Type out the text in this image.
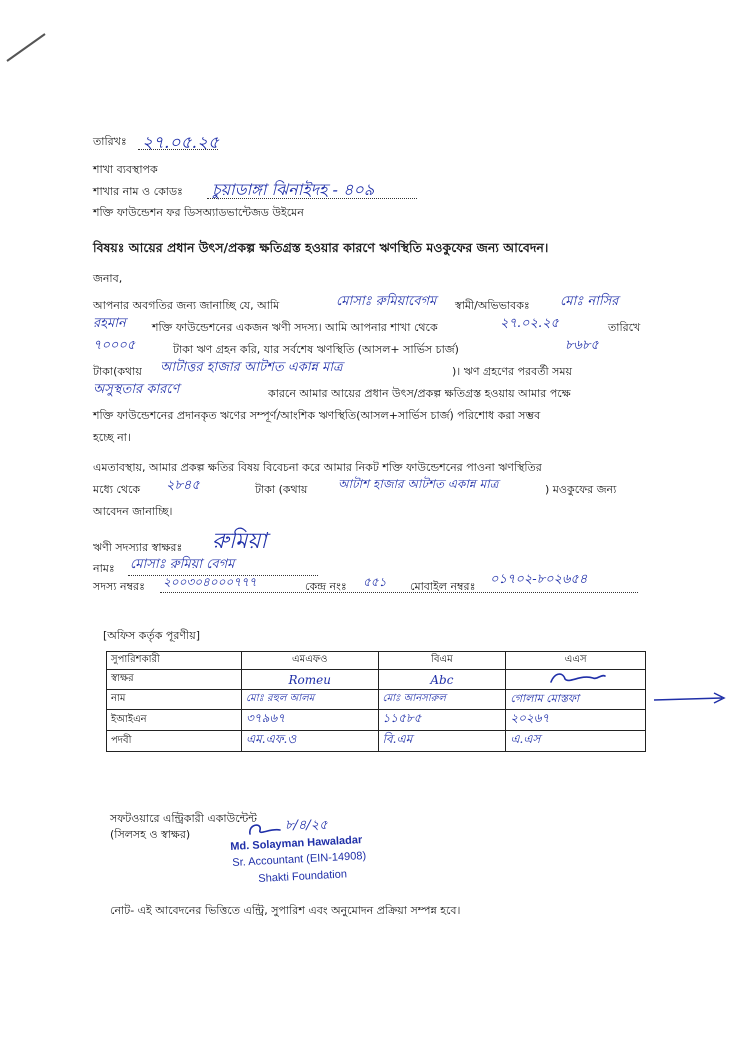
তারিখঃ ২৭.০৫.২৫
শাখা ব্যবস্থাপক
শাখার নাম ও কোডঃ চুয়াডাঙ্গা ঝিনাইদহ - ৪০৯
শক্তি ফাউন্ডেশন ফর ডিসঅ্যাডভান্টেজড উইমেন
বিষয়ঃ আয়ের প্রধান উৎস/প্রকল্প ক্ষতিগ্রস্ত হওয়ার কারণে ঋণস্থিতি মওকুফের জন্য আবেদন।
জনাব,
আপনার অবগতির জন্য জানাচ্ছি যে, আমি	মোসাঃ রুমিয়াবেগম স্বামী/অভিভাবকঃ মোঃ নাসির
রহমান শক্তি ফাউন্ডেশনের একজন ঋণী সদস্য। আমি আপনার শাখা থেকে	২৭.০২.২৫	তারিখে
৭০০০৫	টাকা ঋণ গ্রহন করি, যার সর্বশেষ ঋণস্থিতি (আসল+ সার্ভিস চার্জ)	৮৬৮৫
টাকা(কথায় আটাত্তর হাজার আটশত একান্ন মাত্র	)। ঋণ গ্রহণের পরবর্তী সময়
অসুস্থতার কারণে	কারনে আমার আয়ের প্রধান উৎস/প্রকল্প ক্ষতিগ্রস্ত হওয়ায় আমার পক্ষে
শক্তি ফাউন্ডেশনের প্রদানকৃত ঋণের সম্পূর্ণ/আংশিক ঋণস্থিতি(আসল+সার্ভিস চার্জ) পরিশোধ করা সম্ভব
হচ্ছে না।
এমতাবস্থায়, আমার প্রকল্প ক্ষতির বিষয় বিবেচনা করে আমার নিকট শক্তি ফাউন্ডেশনের পাওনা ঋণস্থিতির
মধ্যে থেকে ২৮৪৫	টাকা (কথায়	আটাশ হাজার আটশত একান্ন মাত্র	) মওকুফের জন্য
আবেদন জানাচ্ছি।
ঋণী সদস্যার স্বাক্ষরঃ রুমিয়া
নামঃ মোসাঃ রুমিয়া বেগম
সদস্য নম্বরঃ ২০০৩০৪০০০৭৭৭	কেন্দ্র নংঃ ৫৫১ মোবাইল নম্বরঃ ০১৭০২-৮০২৬৫৪
[অফিস কর্তৃক পূরণীয়]
সুপারিশকারী	এমএফও	বিএম	এএস
স্বাক্ষর	Romeu	Abc	
নাম	মোঃ রহুল আলম	মোঃ আনসারুল	গোলাম মোস্তফা
ইআইএন	৩৭৯৬৭	১১৫৮৫	২০২৬৭
পদবী	এম.এফ.ও	বি.এম	এ.এস
সফটওয়ারে এন্ট্রিকারী একাউন্টেন্ট
(সিলসহ ও স্বাক্ষর)
৮/৪/২৫
Md. Solayman Hawaladar
Sr. Accountant (EIN-14908)
Shakti Foundation
নোট- এই আবেদনের ভিত্তিতে এন্ট্রি, সুপারিশ এবং অনুমোদন প্রক্রিয়া সম্পন্ন হবে।
